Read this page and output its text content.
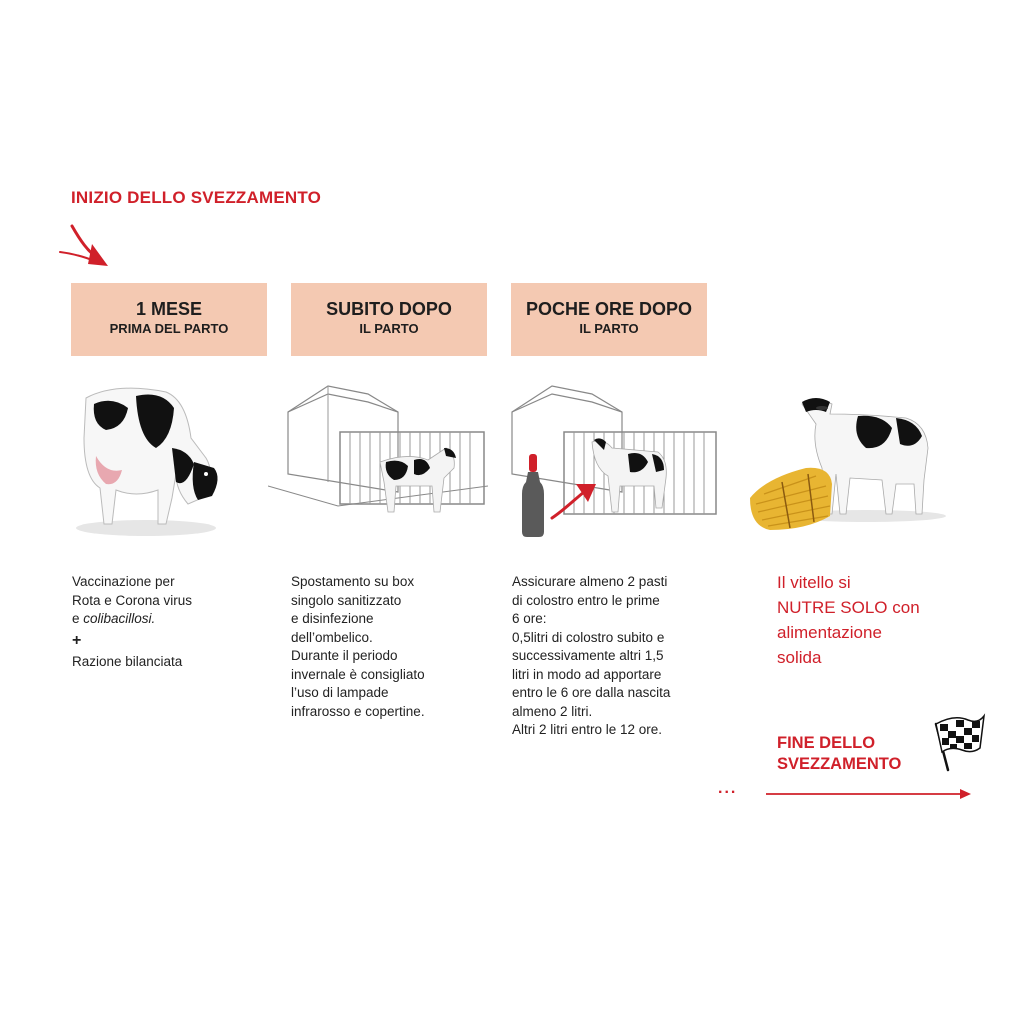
INIZIO DELLO SVEZZAMENTO
1 MESE
PRIMA DEL PARTO
SUBITO DOPO
IL PARTO
POCHE ORE DOPO
IL PARTO

Vaccinazione per

Rota e Corona virus

e colibacillosi.

+

Razione bilanciata

Spostamento su box

singolo sanitizzato

e disinfezione

dell’ombelico.

Durante il periodo

invernale è consigliato

l’uso di lampade

infrarosso e copertine.

Assicurare almeno 2 pasti

di colostro entro le prime

6 ore:

0,5litri di colostro subito e

successivamente altri 1,5

litri in modo ad apportare

entro le 6 ore dalla nascita

almeno 2 litri.

Altri 2 litri entro le 12 ore.

Il vitello si
NUTRE SOLO con
alimentazione
solida
FINE DELLO
SVEZZAMENTO
...
